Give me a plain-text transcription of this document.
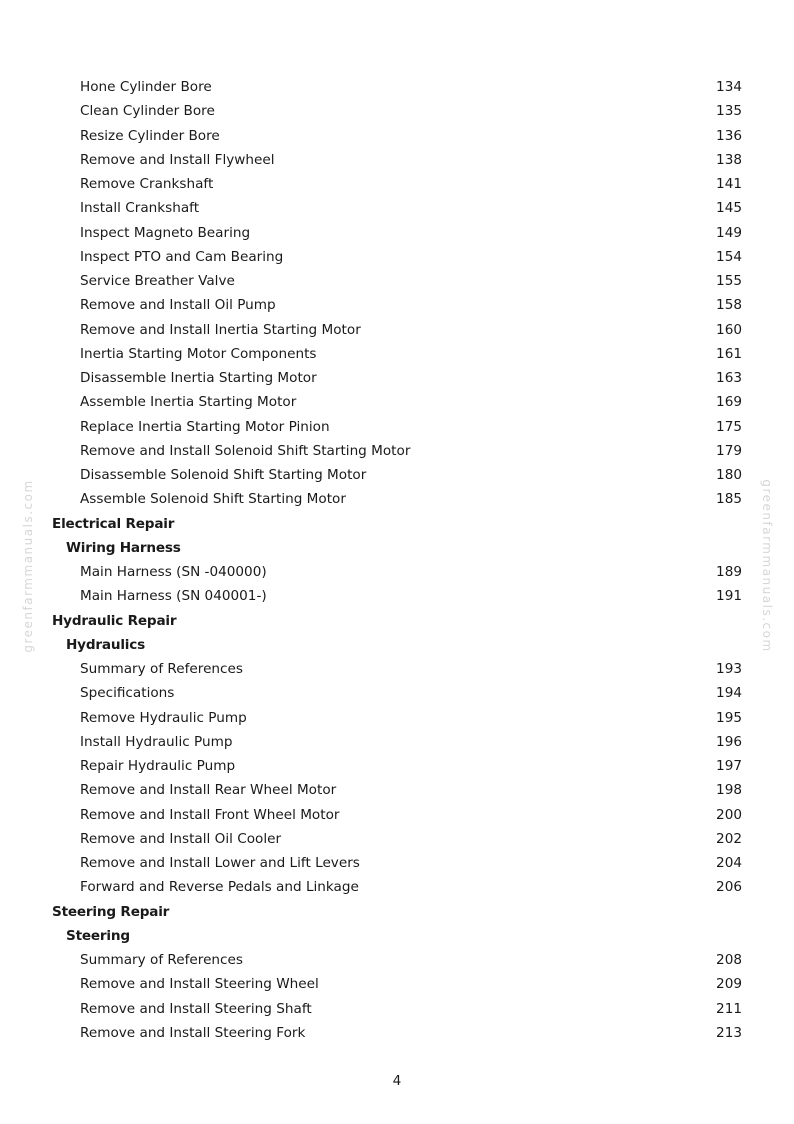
greenfarmmanuals.com	greenfarmmanuals.com
Hone Cylinder Bore	134
Clean Cylinder Bore	135
Resize Cylinder Bore	136
Remove and Install Flywheel	138
Remove Crankshaft	141
Install Crankshaft	145
Inspect Magneto Bearing	149
Inspect PTO and Cam Bearing	154
Service Breather Valve	155
Remove and Install Oil Pump	158
Remove and Install Inertia Starting Motor	160
Inertia Starting Motor Components	161
Disassemble Inertia Starting Motor	163
Assemble Inertia Starting Motor	169
Replace Inertia Starting Motor Pinion	175
Remove and Install Solenoid Shift Starting Motor	179
Disassemble Solenoid Shift Starting Motor	180
Assemble Solenoid Shift Starting Motor	185
Electrical Repair
Wiring Harness
Main Harness (SN -040000)	189
Main Harness (SN 040001-)	191
Hydraulic Repair
Hydraulics
Summary of References	193
Specifications	194
Remove Hydraulic Pump	195
Install Hydraulic Pump	196
Repair Hydraulic Pump	197
Remove and Install Rear Wheel Motor	198
Remove and Install Front Wheel Motor	200
Remove and Install Oil Cooler	202
Remove and Install Lower and Lift Levers	204
Forward and Reverse Pedals and Linkage	206
Steering Repair
Steering
Summary of References	208
Remove and Install Steering Wheel	209
Remove and Install Steering Shaft	211
Remove and Install Steering Fork	213
4
